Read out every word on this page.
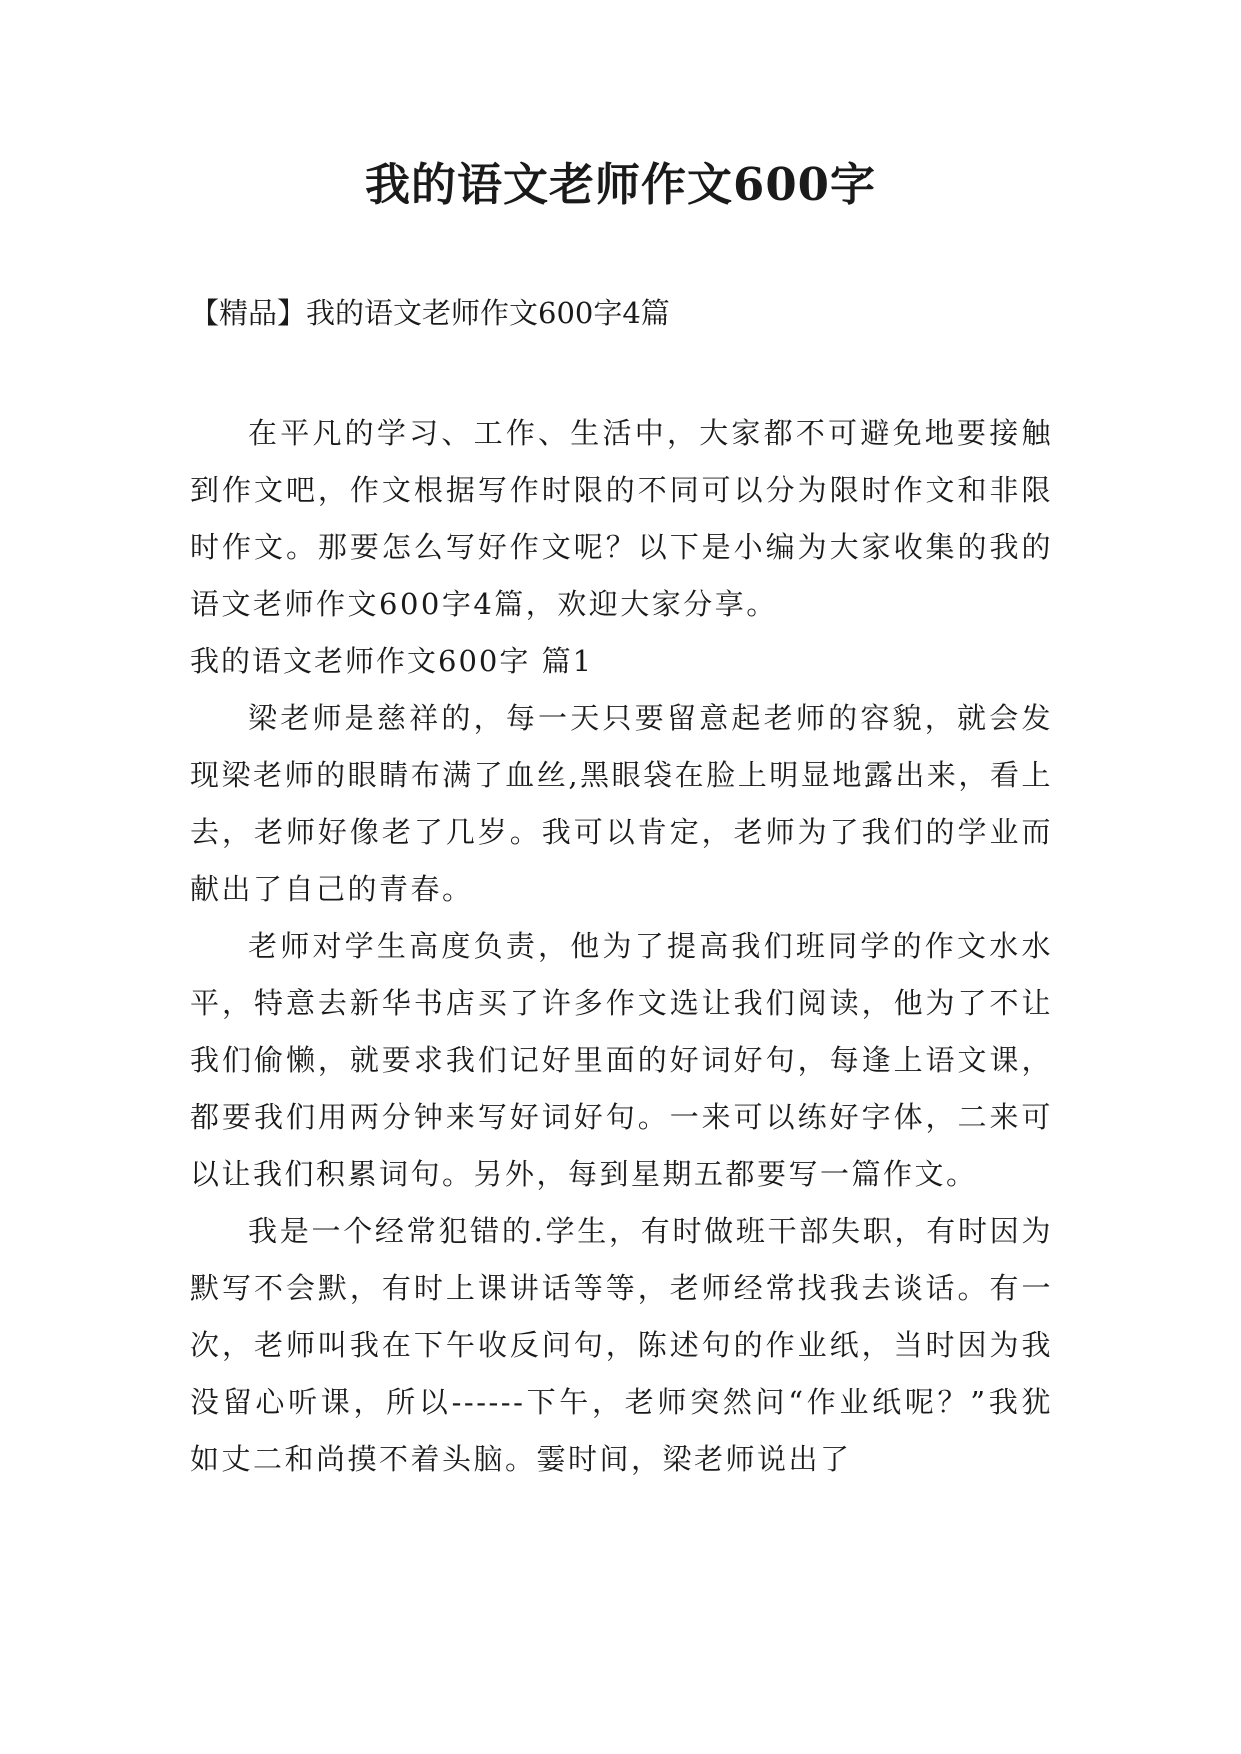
我的语文老师作文600字
【精品】我的语文老师作文600字4篇

在平凡的学习、工作、生活中，大家都不可避免地要接触到作文吧，作文根据写作时限的不同可以分为限时作文和非限时作文。那要怎么写好作文呢？以下是小编为大家收集的我的语文老师作文600字4篇，欢迎大家分享。

我的语文老师作文600字 篇1

梁老师是慈祥的，每一天只要留意起老师的容貌，就会发现梁老师的眼睛布满了血丝,黑眼袋在脸上明显地露出来，看上去，老师好像老了几岁。我可以肯定，老师为了我们的学业而献出了自己的青春。

老师对学生高度负责，他为了提高我们班同学的作文水水平，特意去新华书店买了许多作文选让我们阅读，他为了不让我们偷懒，就要求我们记好里面的好词好句，每逢上语文课，都要我们用两分钟来写好词好句。一来可以练好字体，二来可以让我们积累词句。另外，每到星期五都要写一篇作文。

我是一个经常犯错的.学生，有时做班干部失职，有时因为默写不会默，有时上课讲话等等，老师经常找我去谈话。有一次，老师叫我在下午收反问句，陈述句的作业纸，当时因为我没留心听课，所以------下午，老师突然问“作业纸呢？”我犹如丈二和尚摸不着头脑。霎时间，梁老师说出了
